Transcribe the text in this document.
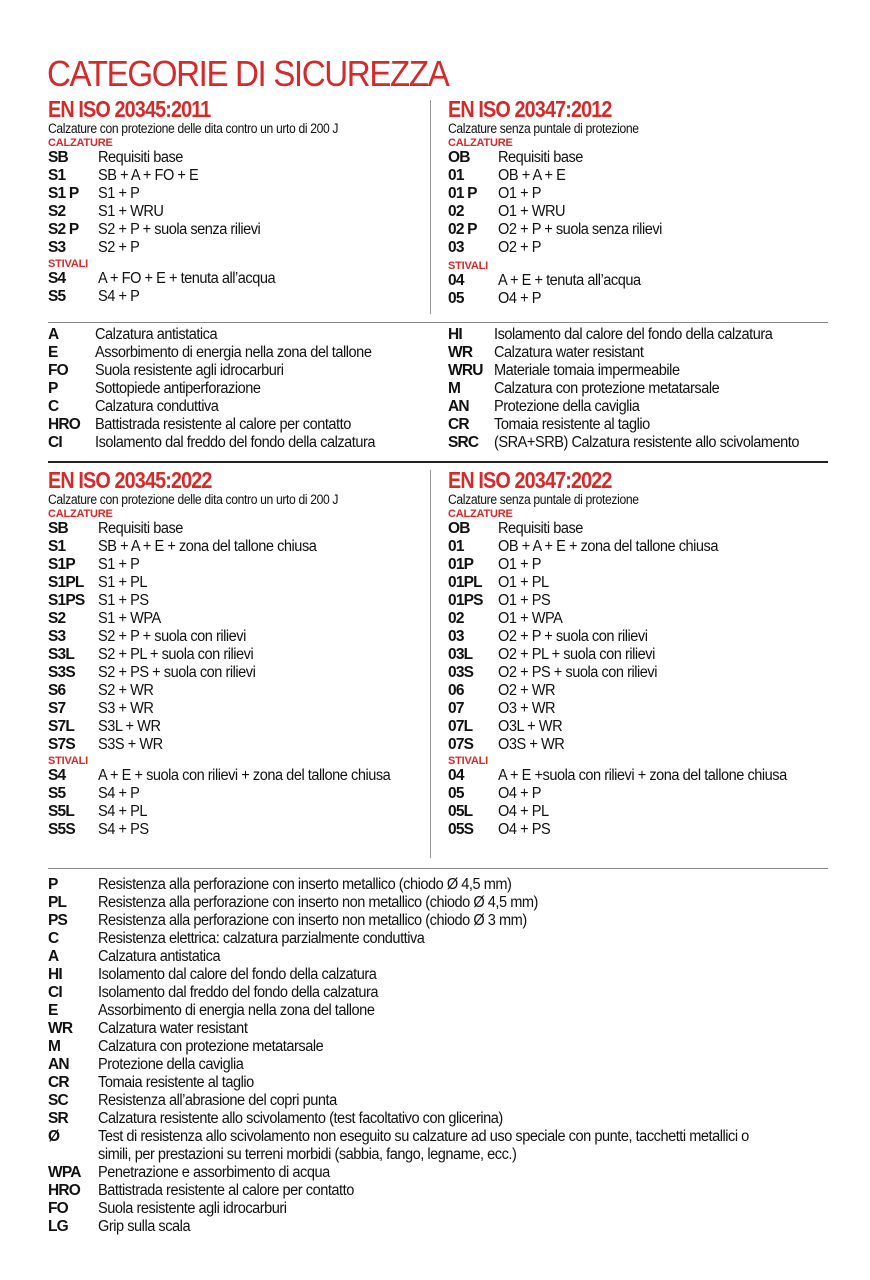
CATEGORIE DI SICUREZZA
EN ISO 20345:2011
Calzature con protezione delle dita contro un urto di 200 J
CALZATURE
SB	Requisiti base
S1	SB + A + FO + E
S1 P	S1 + P
S2	S1 + WRU
S2 P	S2 + P + suola senza rilievi
S3	S2 + P
STIVALI
S4	A + FO + E + tenuta all’acqua
S5	S4 + P
EN ISO 20347:2012
Calzature senza puntale di protezione
CALZATURE
OB	Requisiti base
01	OB + A + E
01 P	O1 + P
02	O1 + WRU
02 P	O2 + P + suola senza rilievi
03	O2 + P
STIVALI
04	A + E + tenuta all’acqua
05	O4 + P
A	Calzatura antistatica
E	Assorbimento di energia nella zona del tallone
FO	Suola resistente agli idrocarburi
P	Sottopiede antiperforazione
C	Calzatura conduttiva
HRO Battistrada resistente al calore per contatto
CI	Isolamento dal freddo del fondo della calzatura
HI	Isolamento dal calore del fondo della calzatura
WR	Calzatura water resistant
WRU Materiale tomaia impermeabile
M	Calzatura con protezione metatarsale
AN	Protezione della caviglia
CR	Tomaia resistente al taglio
SRC	(SRA+SRB) Calzatura resistente allo scivolamento
EN ISO 20345:2022
Calzature con protezione delle dita contro un urto di 200 J
CALZATURE
SB	Requisiti base
S1	SB + A + E + zona del tallone chiusa
S1P	S1 + P
S1PL S1 + PL
S1PS S1 + PS
S2	S1 + WPA
S3	S2 + P + suola con rilievi
S3L	S2 + PL + suola con rilievi
S3S	S2 + PS + suola con rilievi
S6	S2 + WR
S7	S3 + WR
S7L	S3L + WR
S7S	S3S + WR
STIVALI
S4	A + E + suola con rilievi + zona del tallone chiusa
S5	S4 + P
S5L	S4 + PL
S5S	S4 + PS
EN ISO 20347:2022
Calzature senza puntale di protezione
CALZATURE
OB	Requisiti base
01	OB + A + E + zona del tallone chiusa
01P	O1 + P
01PL	O1 + PL
01PS O1 + PS
02	O1 + WPA
03	O2 + P + suola con rilievi
03L	O2 + PL + suola con rilievi
03S	O2 + PS + suola con rilievi
06	O2 + WR
07	O3 + WR
07L	O3L + WR
07S	O3S + WR
STIVALI
04	A + E +suola con rilievi + zona del tallone chiusa
05	O4 + P
05L	O4 + PL
05S	O4 + PS
P	Resistenza alla perforazione con inserto metallico (chiodo Ø 4,5 mm)
PL	Resistenza alla perforazione con inserto non metallico (chiodo Ø 4,5 mm)
PS	Resistenza alla perforazione con inserto non metallico (chiodo Ø 3 mm)
C	Resistenza elettrica: calzatura parzialmente conduttiva
A	Calzatura antistatica
HI	Isolamento dal calore del fondo della calzatura
CI	Isolamento dal freddo del fondo della calzatura
E	Assorbimento di energia nella zona del tallone
WR	Calzatura water resistant
M	Calzatura con protezione metatarsale
AN	Protezione della caviglia
CR	Tomaia resistente al taglio
SC	Resistenza all’abrasione del copri punta
SR	Calzatura resistente allo scivolamento (test facoltativo con glicerina)
Ø	Test di resistenza allo scivolamento non eseguito su calzature ad uso speciale con punte, tacchetti metallici o simili, per prestazioni su terreni morbidi (sabbia, fango, legname, ecc.)
WPA	Penetrazione e assorbimento di acqua
HRO	Battistrada resistente al calore per contatto
FO	Suola resistente agli idrocarburi
LG	Grip sulla scala
